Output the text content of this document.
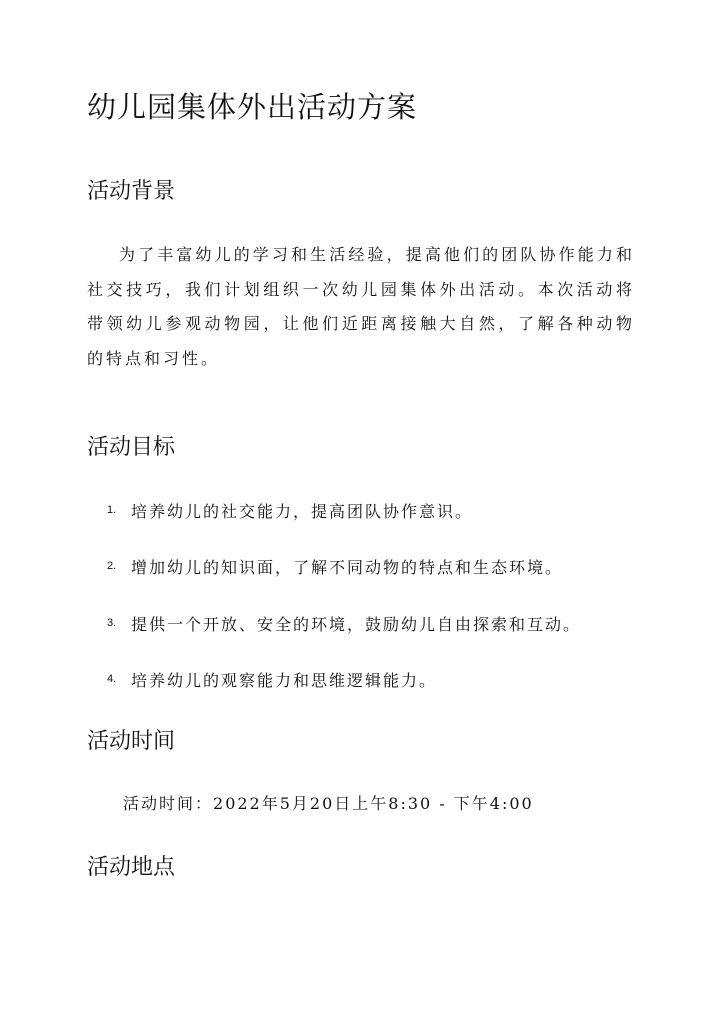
幼儿园集体外出活动方案
活动背景

为了丰富幼儿的学习和生活经验，提高他们的团队协作能力和社交技巧，我们计划组织一次幼儿园集体外出活动。本次活动将带领幼儿参观动物园，让他们近距离接触大自然，了解各种动物的特点和习性。

活动目标
1. 培养幼儿的社交能力，提高团队协作意识。
2. 增加幼儿的知识面，了解不同动物的特点和生态环境。
3. 提供一个开放、安全的环境，鼓励幼儿自由探索和互动。
4. 培养幼儿的观察能力和思维逻辑能力。
活动时间
活动时间：2022年5月20日上午8:30 - 下午4:00
活动地点
